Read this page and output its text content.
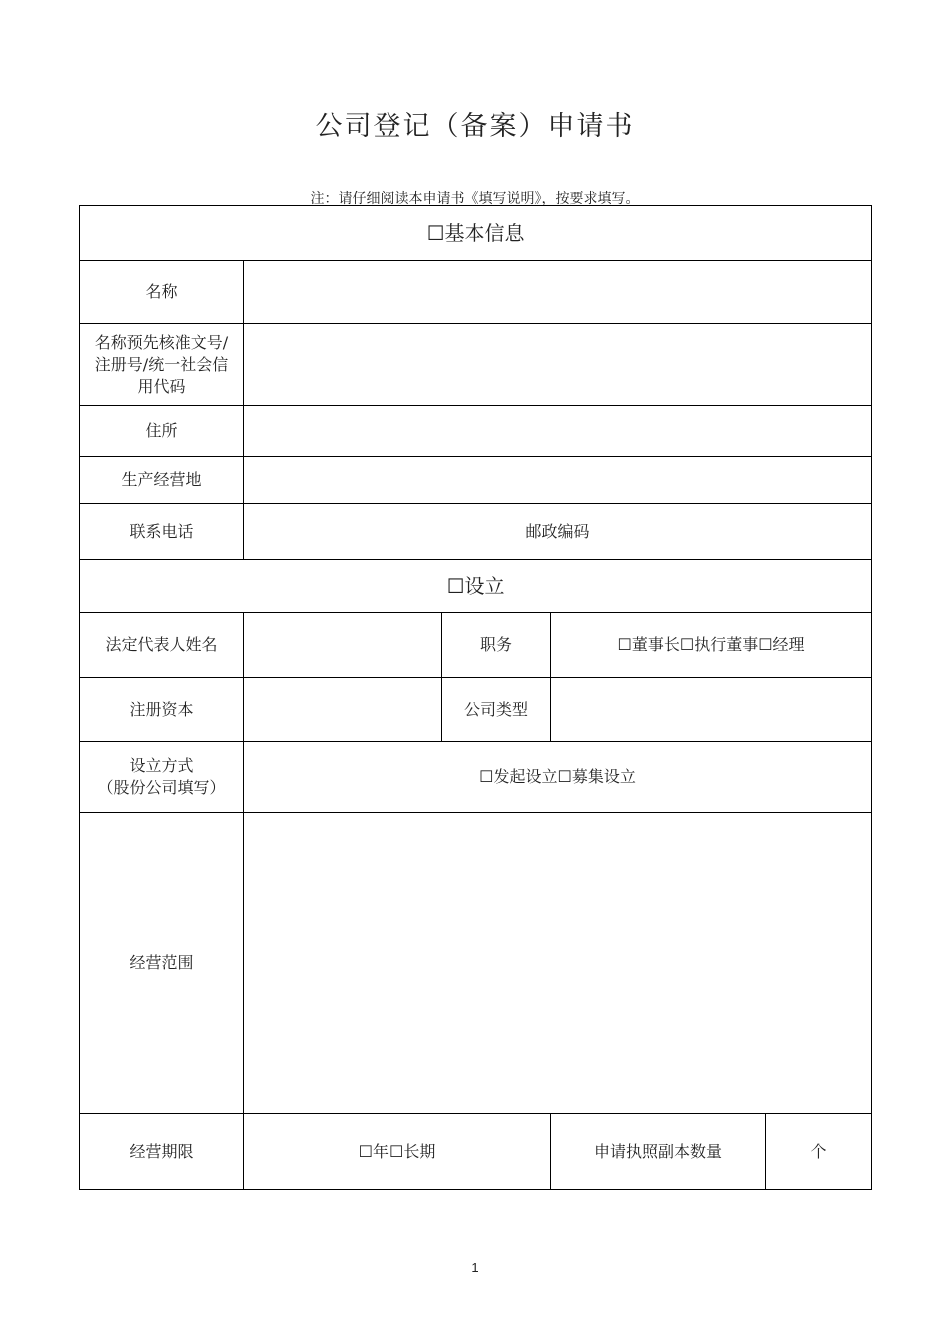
公司登记（备案）申请书
注：请仔细阅读本申请书《填写说明》，按要求填写。
☐基本信息				
名称				
名称预先核准文号/
注册号/统一社会信
用代码				
住所				
生产经营地				
联系电话	邮政编码			
☐设立				
法定代表人姓名		职务	☐董事长☐执行董事☐经理	
注册资本		公司类型		
设立方式
（股份公司填写）	☐发起设立☐募集设立			
经营范围				
经营期限	☐年☐长期		申请执照副本数量	个
1
